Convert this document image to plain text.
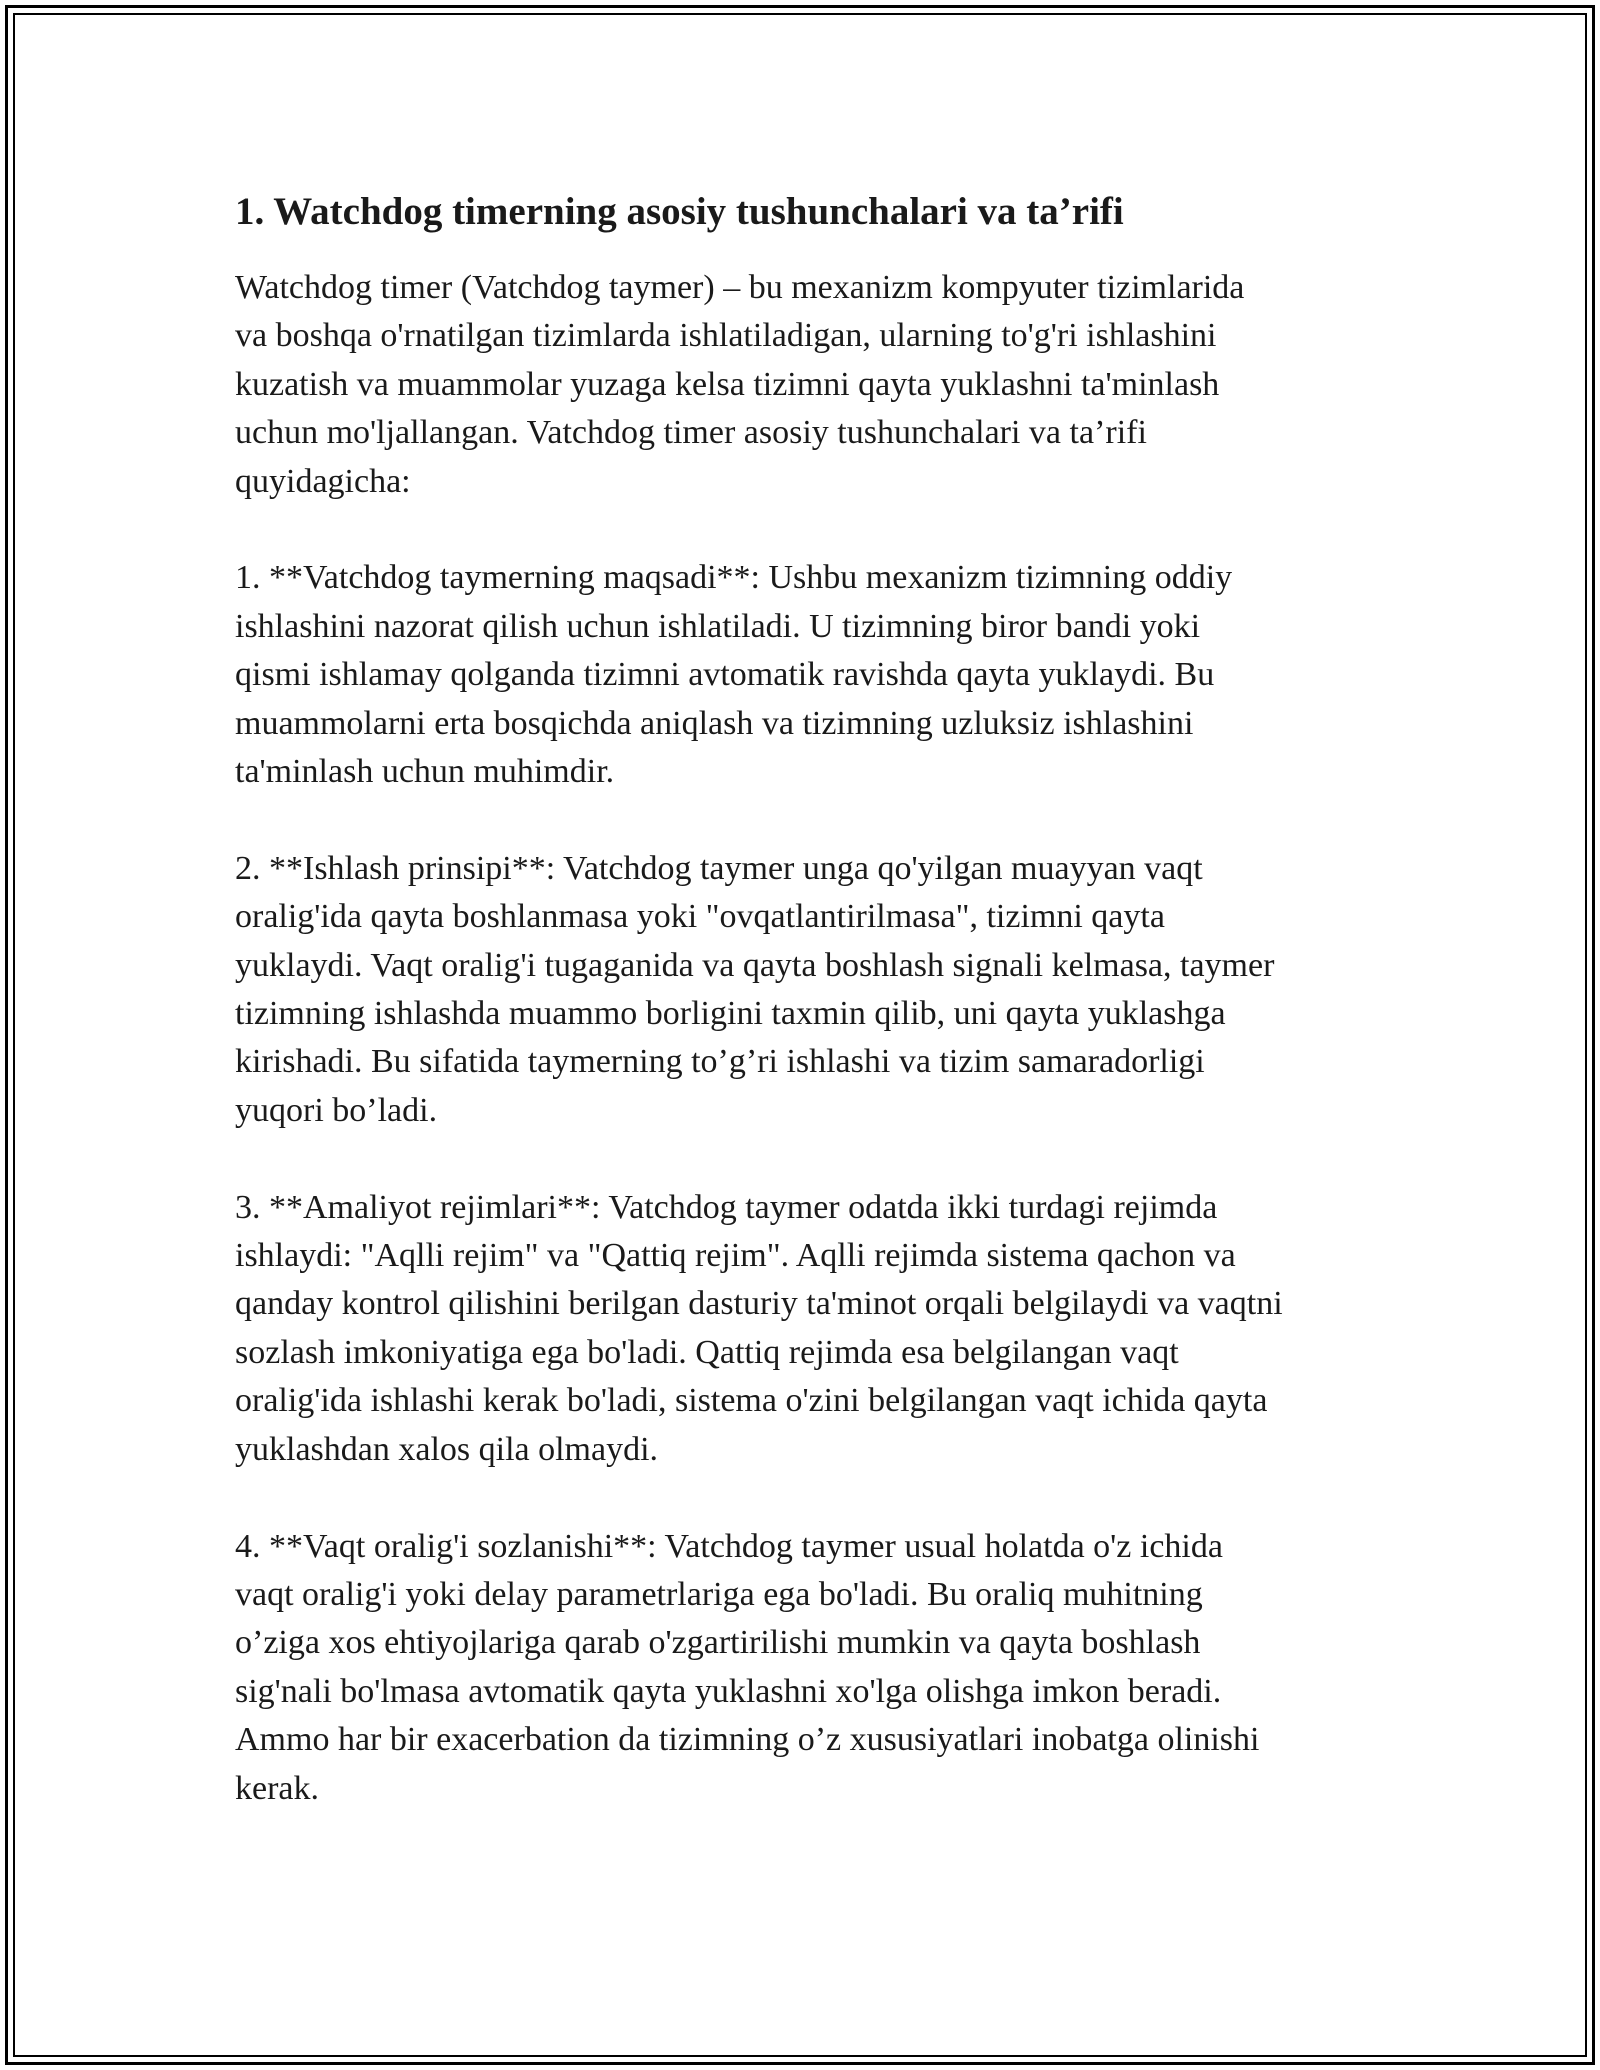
1. Watchdog timerning asosiy tushunchalari va ta’rifi
Watchdog timer (Vatchdog taymer) – bu mexanizm kompyuter tizimlarida
va boshqa o'rnatilgan tizimlarda ishlatiladigan, ularning to'g'ri ishlashini
kuzatish va muammolar yuzaga kelsa tizimni qayta yuklashni ta'minlash
uchun mo'ljallangan. Vatchdog timer asosiy tushunchalari va ta’rifi
quyidagicha:
1. **Vatchdog taymerning maqsadi**: Ushbu mexanizm tizimning oddiy
ishlashini nazorat qilish uchun ishlatiladi. U tizimning biror bandi yoki
qismi ishlamay qolganda tizimni avtomatik ravishda qayta yuklaydi. Bu
muammolarni erta bosqichda aniqlash va tizimning uzluksiz ishlashini
ta'minlash uchun muhimdir.
2. **Ishlash prinsipi**: Vatchdog taymer unga qo'yilgan muayyan vaqt
oralig'ida qayta boshlanmasa yoki "ovqatlantirilmasa", tizimni qayta
yuklaydi. Vaqt oralig'i tugaganida va qayta boshlash signali kelmasa, taymer
tizimning ishlashda muammo borligini taxmin qilib, uni qayta yuklashga
kirishadi. Bu sifatida taymerning to’g’ri ishlashi va tizim samaradorligi
yuqori bo’ladi.
3. **Amaliyot rejimlari**: Vatchdog taymer odatda ikki turdagi rejimda
ishlaydi: "Aqlli rejim" va "Qattiq rejim". Aqlli rejimda sistema qachon va
qanday kontrol qilishini berilgan dasturiy ta'minot orqali belgilaydi va vaqtni
sozlash imkoniyatiga ega bo'ladi. Qattiq rejimda esa belgilangan vaqt
oralig'ida ishlashi kerak bo'ladi, sistema o'zini belgilangan vaqt ichida qayta
yuklashdan xalos qila olmaydi.
4. **Vaqt oralig'i sozlanishi**: Vatchdog taymer usual holatda o'z ichida
vaqt oralig'i yoki delay parametrlariga ega bo'ladi. Bu oraliq muhitning
o’ziga xos ehtiyojlariga qarab o'zgartirilishi mumkin va qayta boshlash
sig'nali bo'lmasa avtomatik qayta yuklashni xo'lga olishga imkon beradi.
Ammo har bir exacerbation da tizimning o’z xususiyatlari inobatga olinishi
kerak.
